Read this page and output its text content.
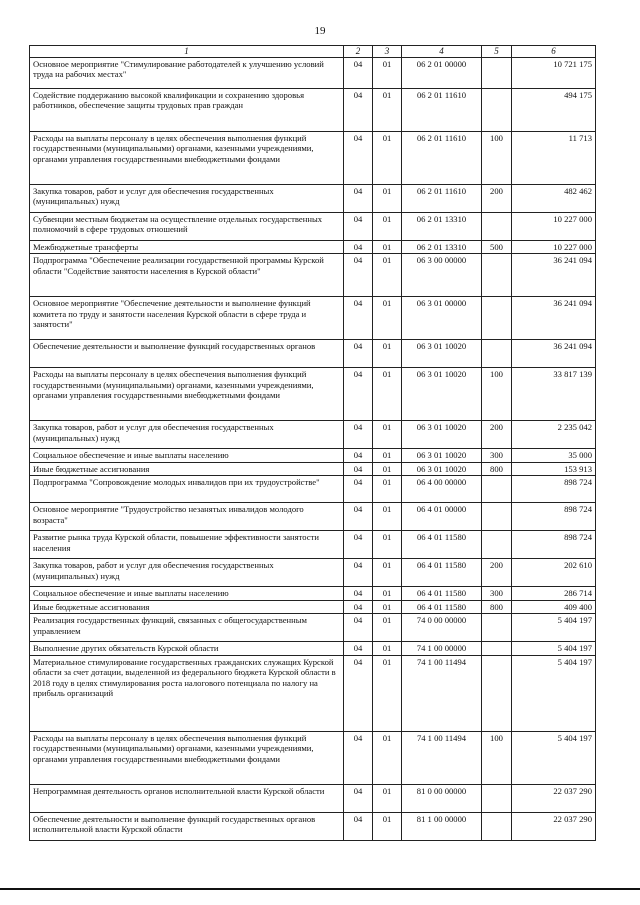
19
1	2	3	4	5	6
Основное мероприятие "Стимулирование работодателей к улучшению условий труда на рабочих местах"	04	01	06 2 01 00000		10 721 175
Содействие поддержанию высокой квалификации и сохранению здоровья работников, обеспечение защиты трудовых прав граждан	04	01	06 2 01 11610		494 175
Расходы на выплаты персоналу в целях обеспечения выполнения функций государственными (муниципальными) органами, казенными учреждениями, органами управления государственными внебюджетными фондами	04	01	06 2 01 11610	100	11 713
Закупка товаров, работ и услуг для обеспечения государственных (муниципальных) нужд	04	01	06 2 01 11610	200	482 462
Субвенции местным бюджетам на осуществление отдельных государственных полномочий в сфере трудовых отношений	04	01	06 2 01 13310		10 227 000
Межбюджетные трансферты	04	01	06 2 01 13310	500	10 227 000
Подпрограмма "Обеспечение реализации государственной программы Курской области "Содействие занятости населения в Курской области"	04	01	06 3 00 00000		36 241 094
Основное мероприятие "Обеспечение деятельности и выполнение функций комитета по труду и занятости населения Курской области в сфере труда и занятости"	04	01	06 3 01 00000		36 241 094
Обеспечение деятельности и выполнение функций государственных органов	04	01	06 3 01 10020		36 241 094
Расходы на выплаты персоналу в целях обеспечения выполнения функций государственными (муниципальными) органами, казенными учреждениями, органами управления государственными внебюджетными фондами	04	01	06 3 01 10020	100	33 817 139
Закупка товаров, работ и услуг для обеспечения государственных (муниципальных) нужд	04	01	06 3 01 10020	200	2 235 042
Социальное обеспечение и иные выплаты населению	04	01	06 3 01 10020	300	35 000
Иные бюджетные ассигнования	04	01	06 3 01 10020	800	153 913
Подпрограмма "Сопровождение молодых инвалидов при их трудоустройстве"	04	01	06 4 00 00000		898 724
Основное мероприятие "Трудоустройство незанятых инвалидов молодого возраста"	04	01	06 4 01 00000		898 724
Развитие рынка труда Курской области, повышение эффективности занятости населения	04	01	06 4 01 11580		898 724
Закупка товаров, работ и услуг для обеспечения государственных (муниципальных) нужд	04	01	06 4 01 11580	200	202 610
Социальное обеспечение и иные выплаты населению	04	01	06 4 01 11580	300	286 714
Иные бюджетные ассигнования	04	01	06 4 01 11580	800	409 400
Реализация государственных функций, связанных с общегосударственным управлением	04	01	74 0 00 00000		5 404 197
Выполнение других обязательств Курской области	04	01	74 1 00 00000		5 404 197
Материальное стимулирование государственных гражданских служащих Курской области за счет дотации, выделенной из федерального бюджета Курской области в 2018 году в целях стимулирования роста налогового потенциала по налогу на прибыль организаций	04	01	74 1 00 11494		5 404 197
Расходы на выплаты персоналу в целях обеспечения выполнения функций государственными (муниципальными) органами, казенными учреждениями, органами управления государственными внебюджетными фондами	04	01	74 1 00 11494	100	5 404 197
Непрограммная деятельность органов исполнительной власти Курской области	04	01	81 0 00 00000		22 037 290
Обеспечение деятельности и выполнение функций государственных органов исполнительной власти Курской области	04	01	81 1 00 00000		22 037 290
